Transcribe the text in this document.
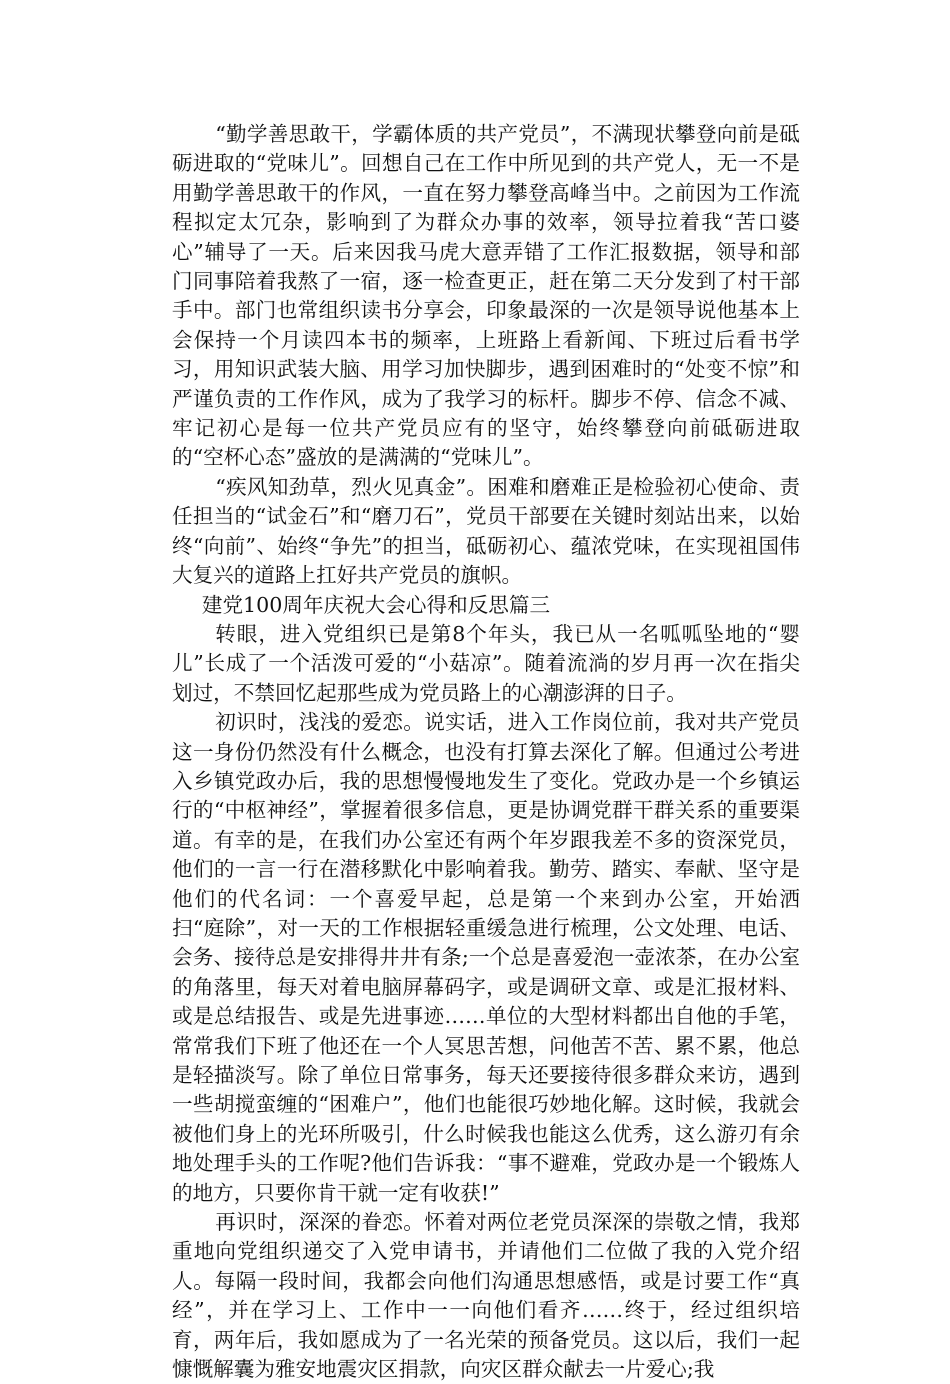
“勤学善思敢干，学霸体质的共产党员”，不满现状攀登向前是砥砺进取的“党味儿”。回想自己在工作中所见到的共产党人，无一不是用勤学善思敢干的作风，一直在努力攀登高峰当中。之前因为工作流程拟定太冗杂，影响到了为群众办事的效率，领导拉着我“苦口婆心”辅导了一天。后来因我马虎大意弄错了工作汇报数据，领导和部门同事陪着我熬了一宿，逐一检查更正，赶在第二天分发到了村干部手中。部门也常组织读书分享会，印象最深的一次是领导说他基本上会保持一个月读四本书的频率，上班路上看新闻、下班过后看书学习，用知识武装大脑、用学习加快脚步，遇到困难时的“处变不惊”和严谨负责的工作作风，成为了我学习的标杆。脚步不停、信念不减、牢记初心是每一位共产党员应有的坚守，始终攀登向前砥砺进取的“空杯心态”盛放的是满满的“党味儿”。

“疾风知劲草，烈火见真金”。困难和磨难正是检验初心使命、责任担当的“试金石”和“磨刀石”，党员干部要在关键时刻站出来，以始终“向前”、始终“争先”的担当，砥砺初心、蕴浓党味，在实现祖国伟大复兴的道路上扛好共产党员的旗帜。

建党100周年庆祝大会心得和反思篇三

转眼，进入党组织已是第8个年头，我已从一名呱呱坠地的“婴儿”长成了一个活泼可爱的“小菇凉”。随着流淌的岁月再一次在指尖划过，不禁回忆起那些成为党员路上的心潮澎湃的日子。

初识时，浅浅的爱恋。说实话，进入工作岗位前，我对共产党员这一身份仍然没有什么概念，也没有打算去深化了解。但通过公考进入乡镇党政办后，我的思想慢慢地发生了变化。党政办是一个乡镇运行的“中枢神经”，掌握着很多信息，更是协调党群干群关系的重要渠道。有幸的是，在我们办公室还有两个年岁跟我差不多的资深党员，他们的一言一行在潜移默化中影响着我。勤劳、踏实、奉献、坚守是他们的代名词：一个喜爱早起，总是第一个来到办公室，开始洒扫“庭除”，对一天的工作根据轻重缓急进行梳理，公文处理、电话、会务、接待总是安排得井井有条;一个总是喜爱泡一壶浓茶，在办公室的角落里，每天对着电脑屏幕码字，或是调研文章、或是汇报材料、或是总结报告、或是先进事迹……单位的大型材料都出自他的手笔，常常我们下班了他还在一个人冥思苦想，问他苦不苦、累不累，他总是轻描淡写。除了单位日常事务，每天还要接待很多群众来访，遇到一些胡搅蛮缠的“困难户”，他们也能很巧妙地化解。这时候，我就会被他们身上的光环所吸引，什么时候我也能这么优秀，这么游刃有余地处理手头的工作呢?他们告诉我：“事不避难，党政办是一个锻炼人的地方，只要你肯干就一定有收获!”

再识时，深深的眷恋。怀着对两位老党员深深的崇敬之情，我郑重地向党组织递交了入党申请书，并请他们二位做了我的入党介绍人。每隔一段时间，我都会向他们沟通思想感悟，或是讨要工作“真经”，并在学习上、工作中一一向他们看齐……终于，经过组织培育，两年后，我如愿成为了一名光荣的预备党员。这以后，我们一起慷慨解囊为雅安地震灾区捐款，向灾区群众献去一片爱心;我
